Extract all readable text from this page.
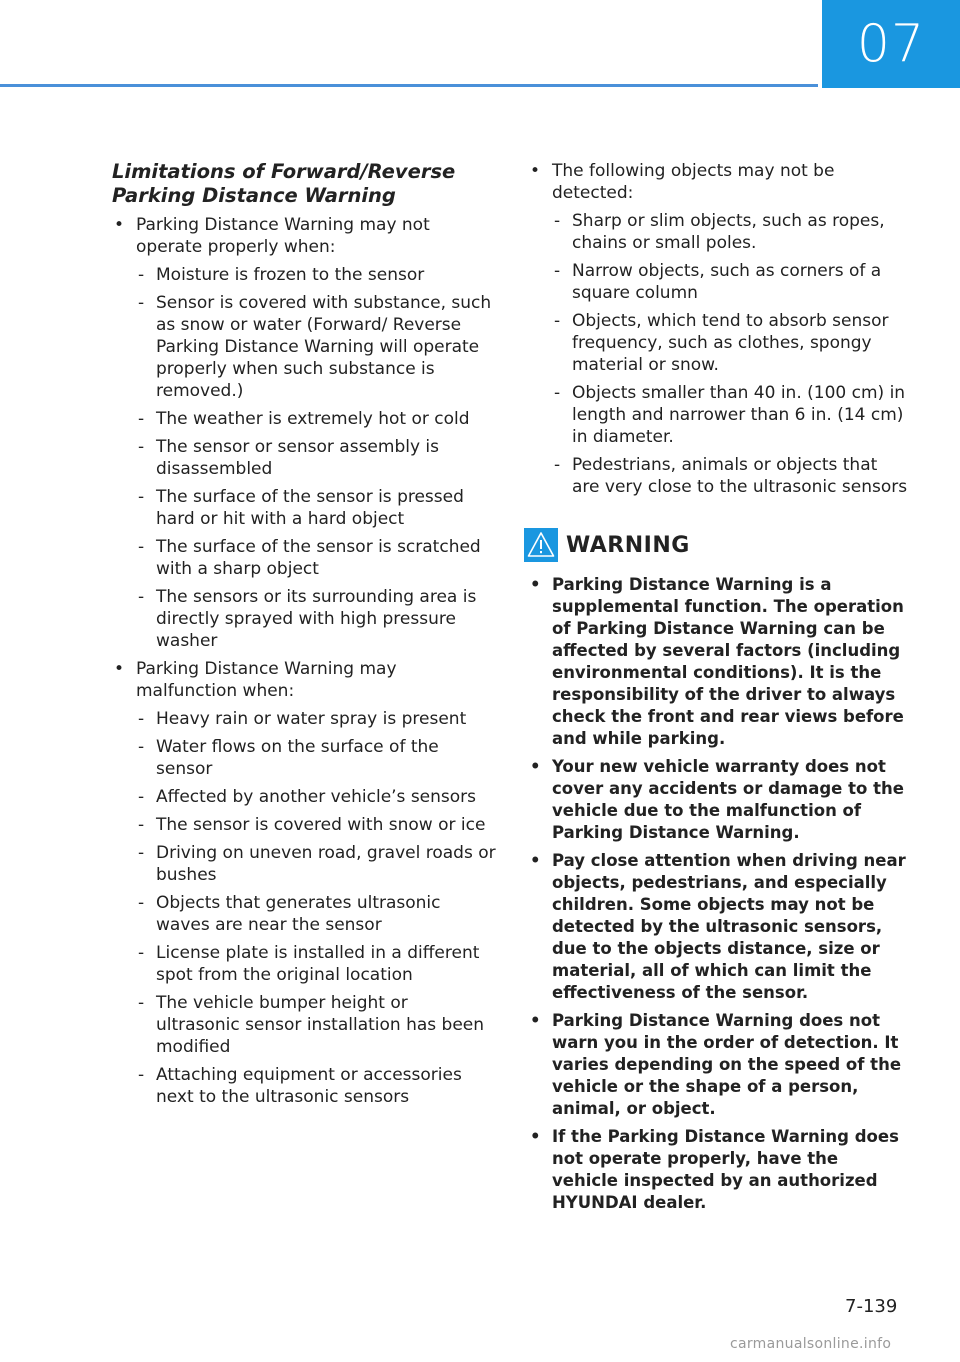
07
Limitations of Forward/Reverse Parking Distance Warning
• Parking Distance Warning may not operate properly when:
- Moisture is frozen to the sensor
- Sensor is covered with substance, such as snow or water (Forward/ Reverse Parking Distance Warning will operate properly when such substance is removed.)
- The weather is extremely hot or cold
- The sensor or sensor assembly is disassembled
- The surface of the sensor is pressed hard or hit with a hard object
- The surface of the sensor is scratched with a sharp object
- The sensors or its surrounding area is directly sprayed with high pressure washer
• Parking Distance Warning may malfunction when:
- Heavy rain or water spray is present
- Water flows on the surface of the sensor
- Affected by another vehicle’s sensors
- The sensor is covered with snow or ice
- Driving on uneven road, gravel roads or bushes
- Objects that generates ultrasonic waves are near the sensor
- License plate is installed in a different spot from the original location
- The vehicle bumper height or ultrasonic sensor installation has been modified
- Attaching equipment or accessories next to the ultrasonic sensors
• The following objects may not be detected:
- Sharp or slim objects, such as ropes, chains or small poles.
- Narrow objects, such as corners of a square column
- Objects, which tend to absorb sensor frequency, such as clothes, spongy material or snow.
- Objects smaller than 40 in. (100 cm) in length and narrower than 6 in. (14 cm) in diameter.
- Pedestrians, animals or objects that are very close to the ultrasonic sensors
WARNING
• Parking Distance Warning is a supplemental function. The operation of Parking Distance Warning can be affected by several factors (including environmental conditions). It is the responsibility of the driver to always check the front and rear views before and while parking.
• Your new vehicle warranty does not cover any accidents or damage to the vehicle due to the malfunction of Parking Distance Warning.
• Pay close attention when driving near objects, pedestrians, and especially children. Some objects may not be detected by the ultrasonic sensors, due to the objects distance, size or material, all of which can limit the effectiveness of the sensor.
• Parking Distance Warning does not warn you in the order of detection. It varies depending on the speed of the vehicle or the shape of a person, animal, or object.
• If the Parking Distance Warning does not operate properly, have the vehicle inspected by an authorized HYUNDAI dealer.
7-139
carmanualsonline.info
